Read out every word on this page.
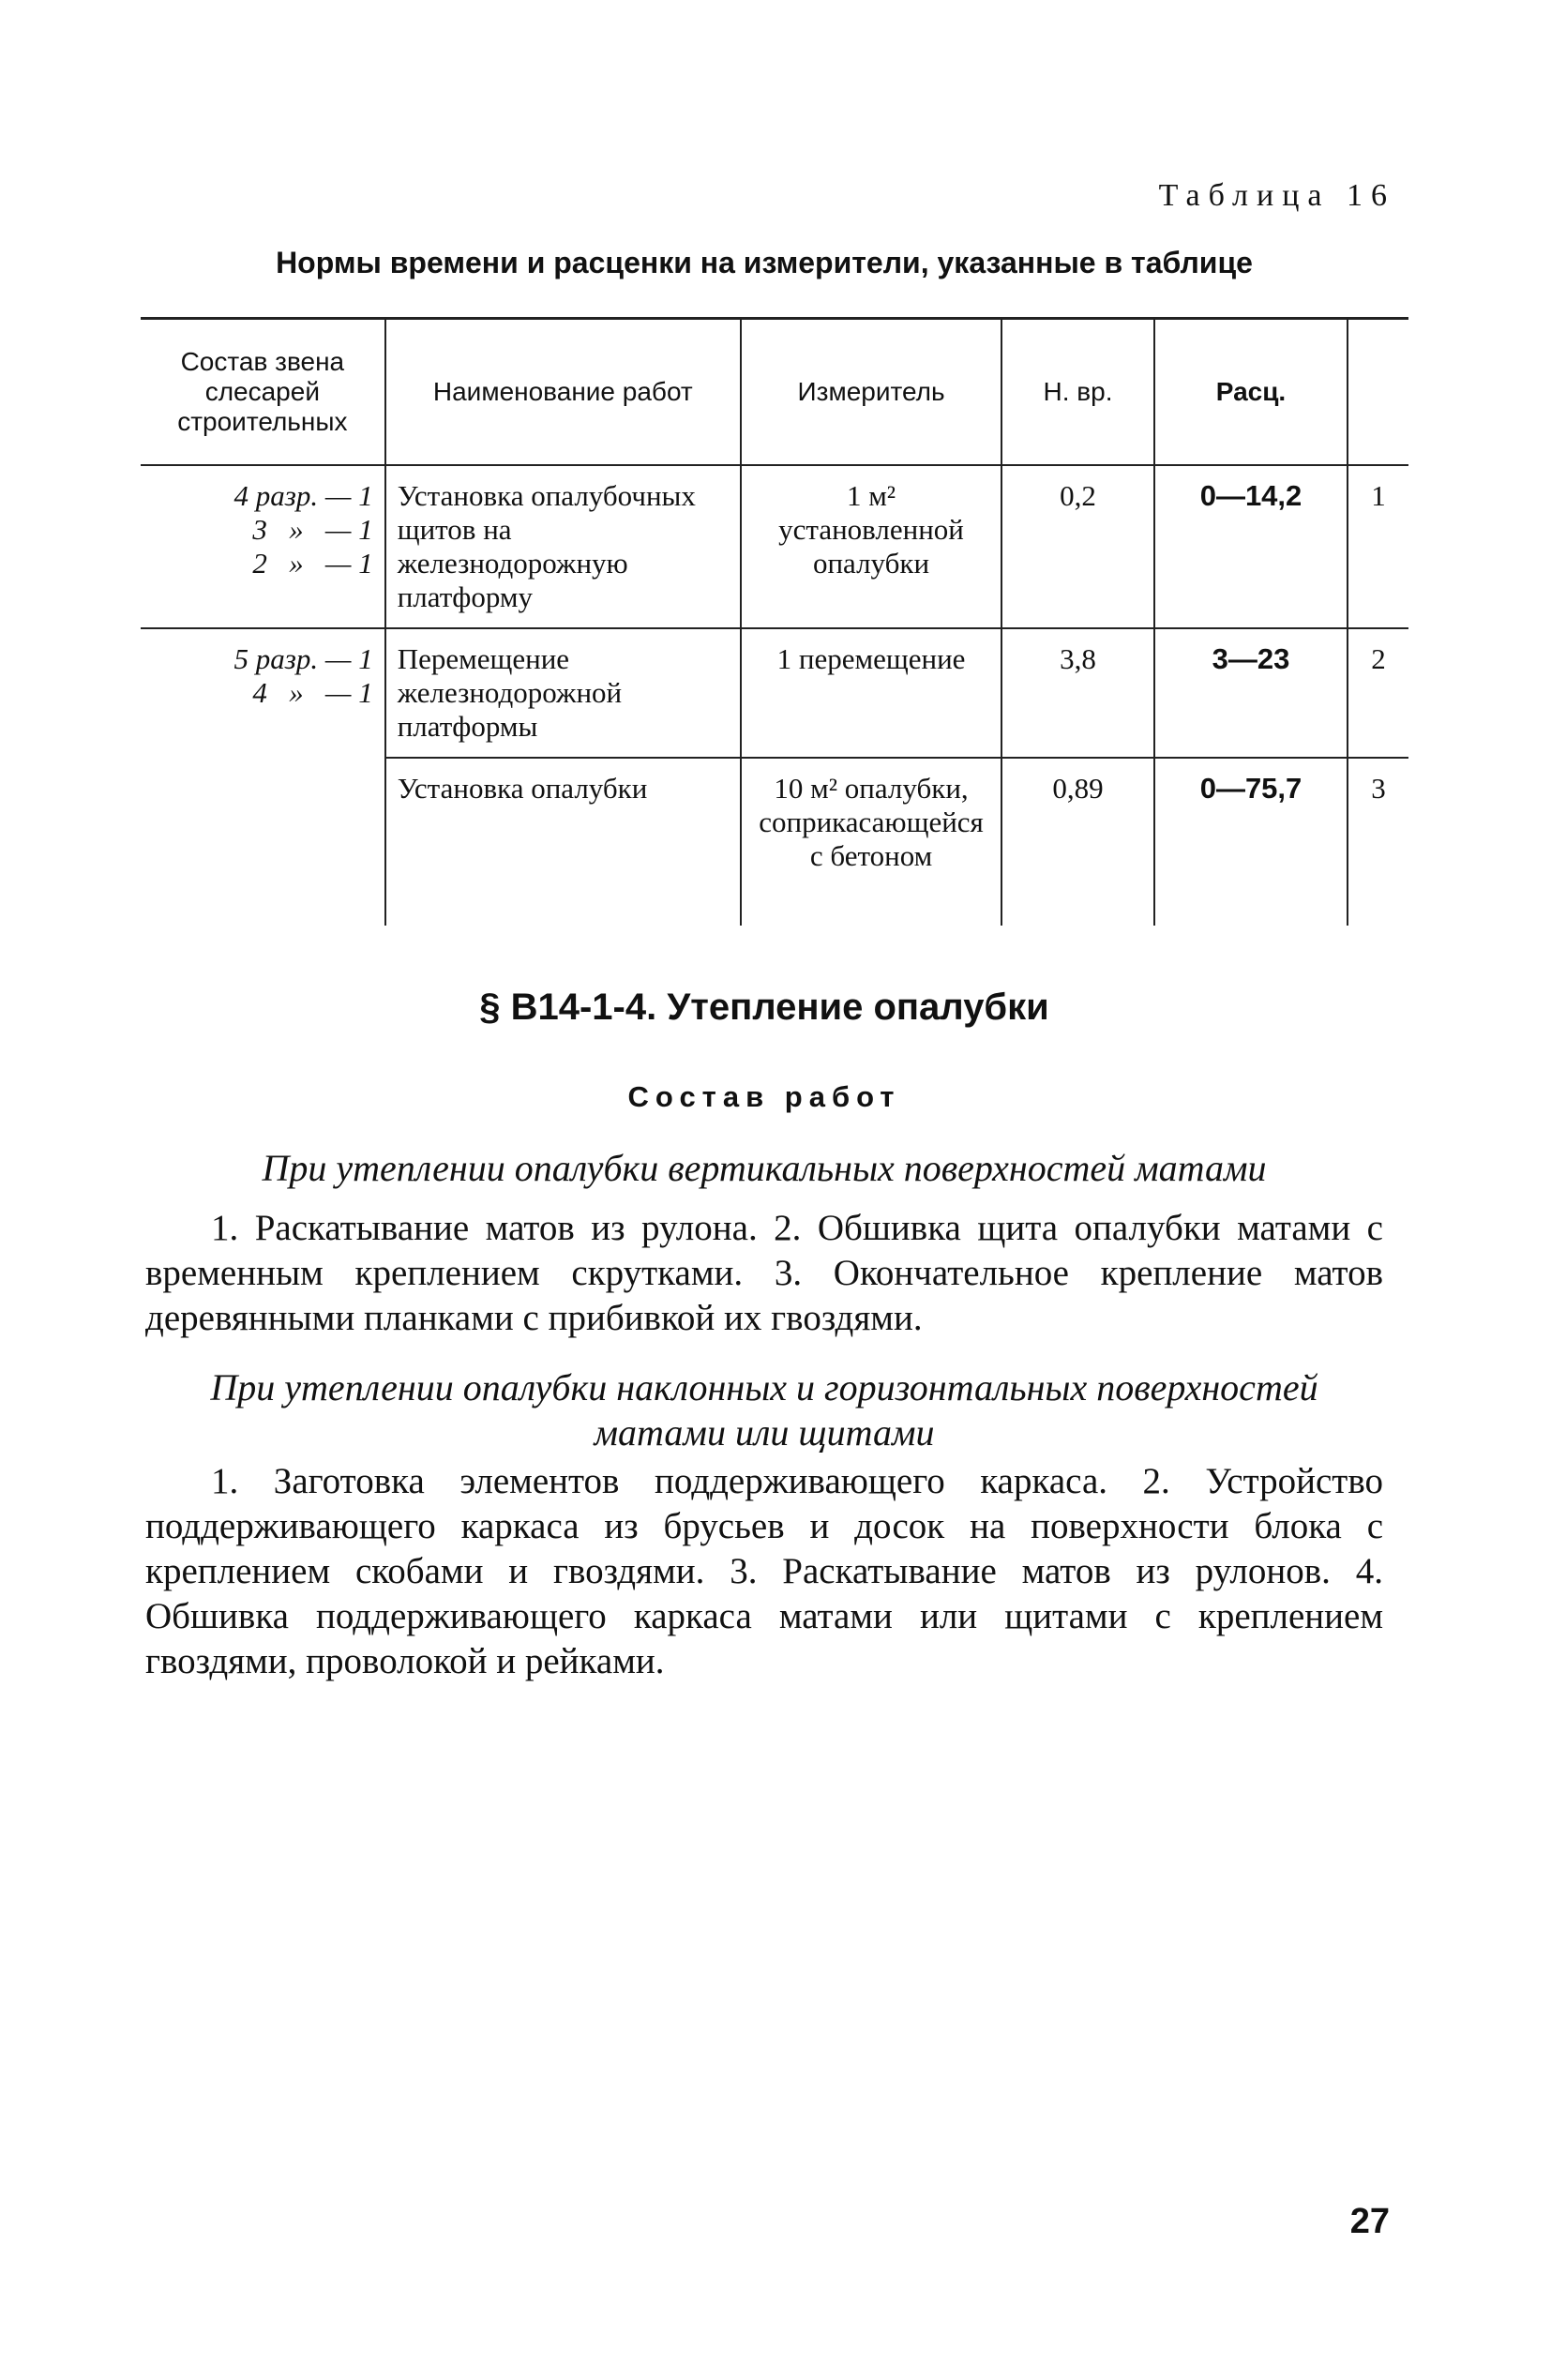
Таблица 16
Нормы времени и расценки на измерители, указанные в таблице
Состав звена слесарей строительных	Наименование работ	Измеритель	Н. вр.	Расц.	
4 разр. — 1
3   »   — 1
2   »   — 1	Установка опалубочных щитов на железнодорожную платформу	1 м² установленной опалубки	0,2	0—14,2	1
5 разр. — 1
4   »   — 1	Перемещение железнодорожной платформы	1 перемещение	3,8	3—23	2
	Установка опалубки	10 м² опалубки, соприкасающейся с бетоном	0,89	0—75,7	3
§ В14-1-4. Утепление опалубки
Состав работ
При утеплении опалубки вертикальных поверхностей матами
1. Раскатывание матов из рулона. 2. Обшивка щита опалубки матами с временным креплением скрутками. 3. Окончательное крепление матов деревянными планками с прибивкой их гвоздями.
При утеплении опалубки наклонных и горизонтальных поверхностей матами или щитами
1. Заготовка элементов поддерживающего каркаса. 2. Устройство поддерживающего каркаса из брусьев и досок на поверхности блока с креплением скобами и гвоздями. 3. Раскатывание матов из рулонов. 4. Обшивка поддерживающего каркаса матами или щитами с креплением гвоздями, проволокой и рейками.
27
